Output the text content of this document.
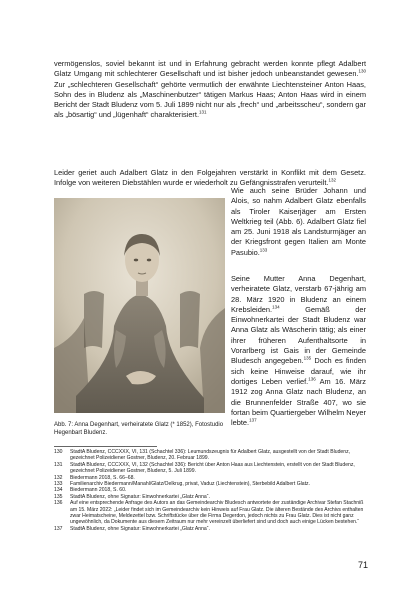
vermögenslos, soviel bekannt ist und in Erfahrung gebracht werden konnte pflegt Adalbert Glatz Umgang mit schlechterer Gesellschaft und ist bisher jedoch unbeanstandet gewesen.$^{130}$ Zur „schlechteren Gesellschaft“ gehörte vermutlich der erwähnte Liechtensteiner Anton Haas, Sohn des in Bludenz als „Maschinenbutzer“ tätigen Markus Haas; Anton Haas wird in einem Bericht der Stadt Bludenz vom 5. Juli 1899 nicht nur als „frech“ und „arbeitsscheu“, sondern gar als „bösartig“ und „lügenhaft“ charakterisiert.$^{131}$

Leider geriet auch Adalbert Glatz in den Folgejahren verstärkt in Konflikt mit dem Gesetz. Infolge von weiteren Diebstählen wurde er wiederholt zu Gefängnisstrafen verurteilt.$^{132}$

Wie auch seine Brüder Johann und Alois, so nahm Adalbert Glatz ebenfalls als Tiroler Kaiserjäger am Ersten Weltkrieg teil (Abb. 6). Adalbert Glatz fiel am 25. Juni 1918 als Landsturmjäger an der Kriegsfront gegen Italien am Monte Pasubio.$^{133}$

Seine Mutter Anna Degenhart, verheiratete Glatz, verstarb 67-jährig am 28. März 1920 in Bludenz an einem Krebsleiden.$^{134}$ Gemäß der Einwohnerkartei der Stadt Bludenz war Anna Glatz als Wäscherin tätig; als einer ihrer früheren Aufenthaltsorte in Vorarlberg ist Gais in der Gemeinde Bludesch angegeben.$^{135}$ Doch es finden sich keine Hinweise darauf, wie ihr dortiges Leben verlief.$^{136}$ Am 16. März 1912 zog Anna Glatz nach Bludenz, an die Brunnenfelder Straße 407, wo sie fortan beim Quartiergeber Wilhelm Neyer lebte.$^{137}$

Abb. 7: Anna Degenhart, verheiratete Glatz (* 1852), Fotostudio Hegenbart Bludenz.

130	StadtA Bludenz, CCCXXX, VI, 131 (Schachtel 336): Leumundszeugnis für Adalbert Glatz, ausgestellt von der Stadt Bludenz, gezeichnet Polizeidiener Gostner, Bludenz, 20. Februar 1899.
131	StadtA Bludenz, CCCXXX, VI, 132 (Schachtel 336): Bericht über Anton Haas aus Liechtenstein, erstellt von der Stadt Bludenz, gezeichnet Polizeidiener Gostner, Bludenz, 5. Juli 1899.
132	Biedermann 2018, S. 66–68.
133	Familienarchiv Biedermann/Manahl/Glatz/Oelkrug, privat, Vaduz (Liechtenstein), Sterbebild Adalbert Glatz.
134	Biedermann 2018, S. 60.
135	StadtA Bludenz, ohne Signatur: Einwohnerkartei „Glatz Anna“.
136	Auf eine entsprechende Anfrage des Autors an das Gemeindearchiv Bludesch antwortete der zuständige Archivar Stefan Stachniß am 15. März 2022: „Leider findet sich im Gemeindearchiv kein Hinweis auf Frau Glatz. Die älteren Bestände des Archivs enthalten zwar Heimatscheine, Meldezettel bzw. Schriftstücke über die Firma Degerdon, jedoch nichts zu Frau Glatz. Dies ist nicht ganz ungewöhnlich, da Dokumente aus diesem Zeitraum nur mehr vereinzelt überliefert sind und doch auch einige Lücken bestehen.“
137	StadtA Bludenz, ohne Signatur: Einwohnerkartei „Glatz Anna“.
71
